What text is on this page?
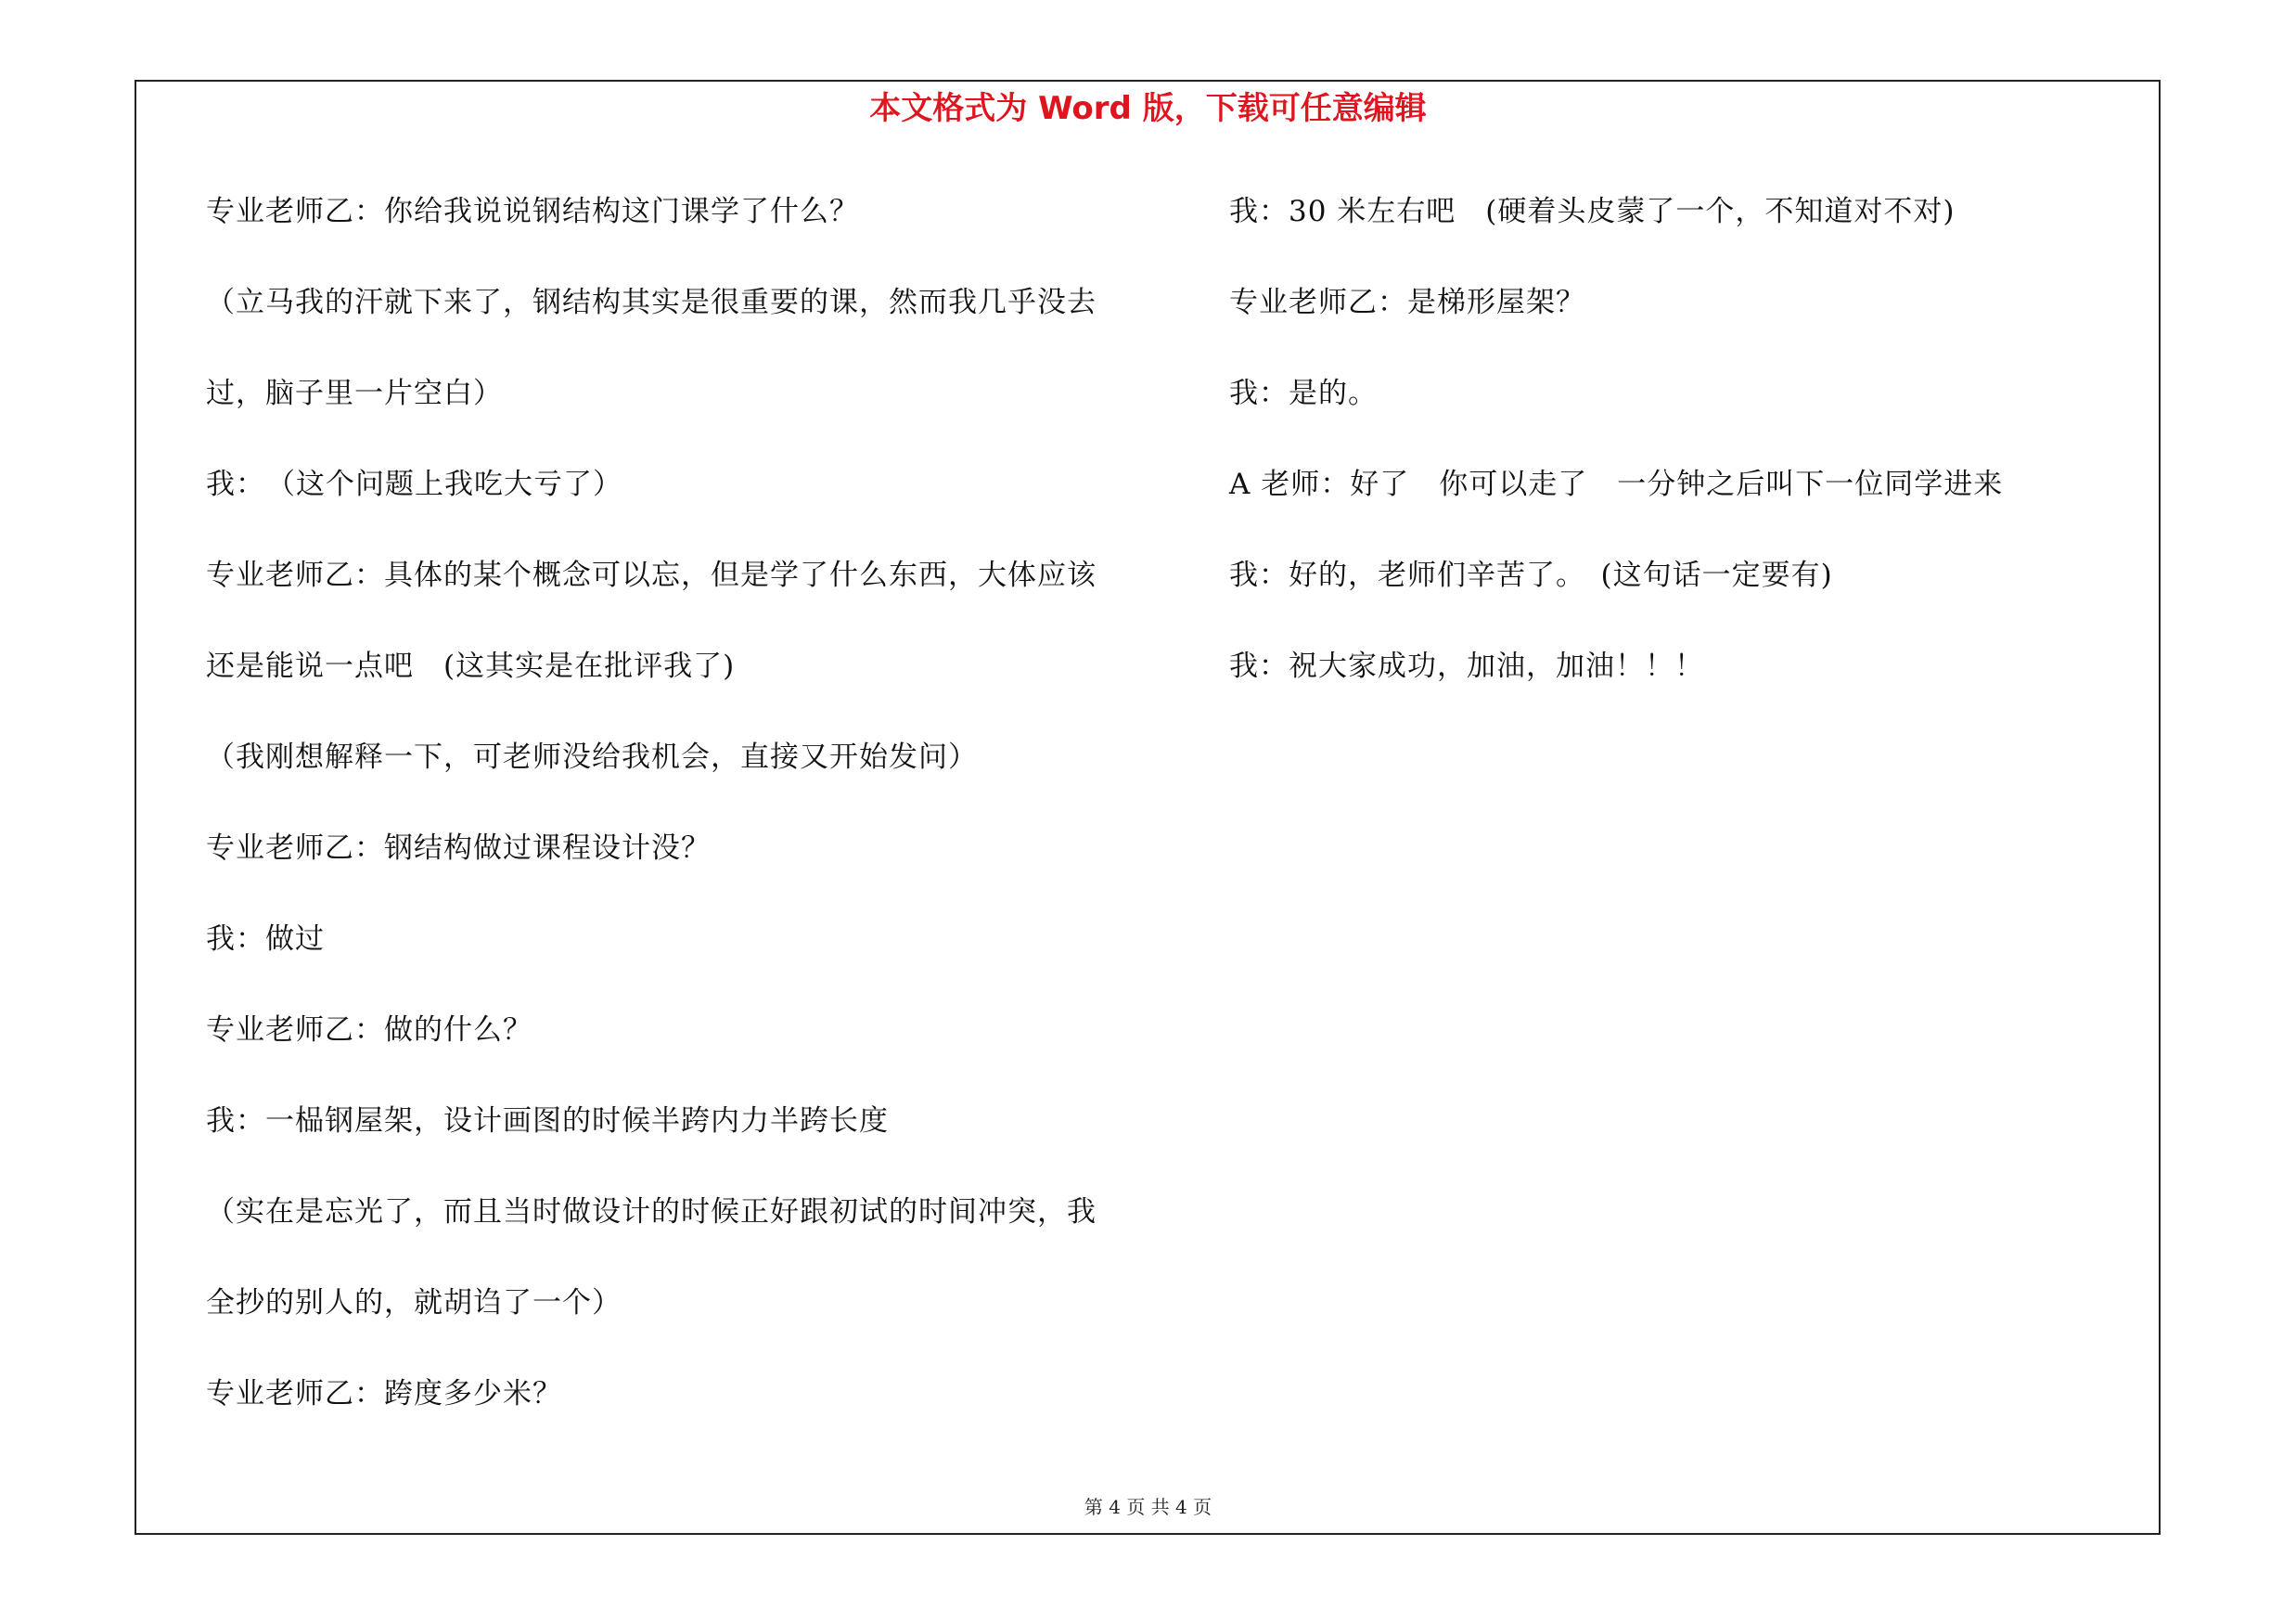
本文格式为 Word 版，下载可任意编辑
专业老师乙：你给我说说钢结构这门课学了什么？
（立马我的汗就下来了，钢结构其实是很重要的课，然而我几乎没去
过，脑子里一片空白）
我：　（这个问题上我吃大亏了）
专业老师乙：具体的某个概念可以忘，但是学了什么东西，大体应该
还是能说一点吧　(这其实是在批评我了)
（我刚想解释一下，可老师没给我机会，直接又开始发问）
专业老师乙：钢结构做过课程设计没？
我：做过
专业老师乙：做的什么？
我：一榀钢屋架，设计画图的时候半跨内力半跨长度
（实在是忘光了，而且当时做设计的时候正好跟初试的时间冲突，我
全抄的别人的，就胡诌了一个）
专业老师乙：跨度多少米？
我：30 米左右吧　(硬着头皮蒙了一个，不知道对不对)
专业老师乙：是梯形屋架？
我：是的。
A 老师：好了　你可以走了　一分钟之后叫下一位同学进来
我：好的，老师们辛苦了。　(这句话一定要有)
我：祝大家成功，加油，加油！！！
第 4 页 共 4 页
